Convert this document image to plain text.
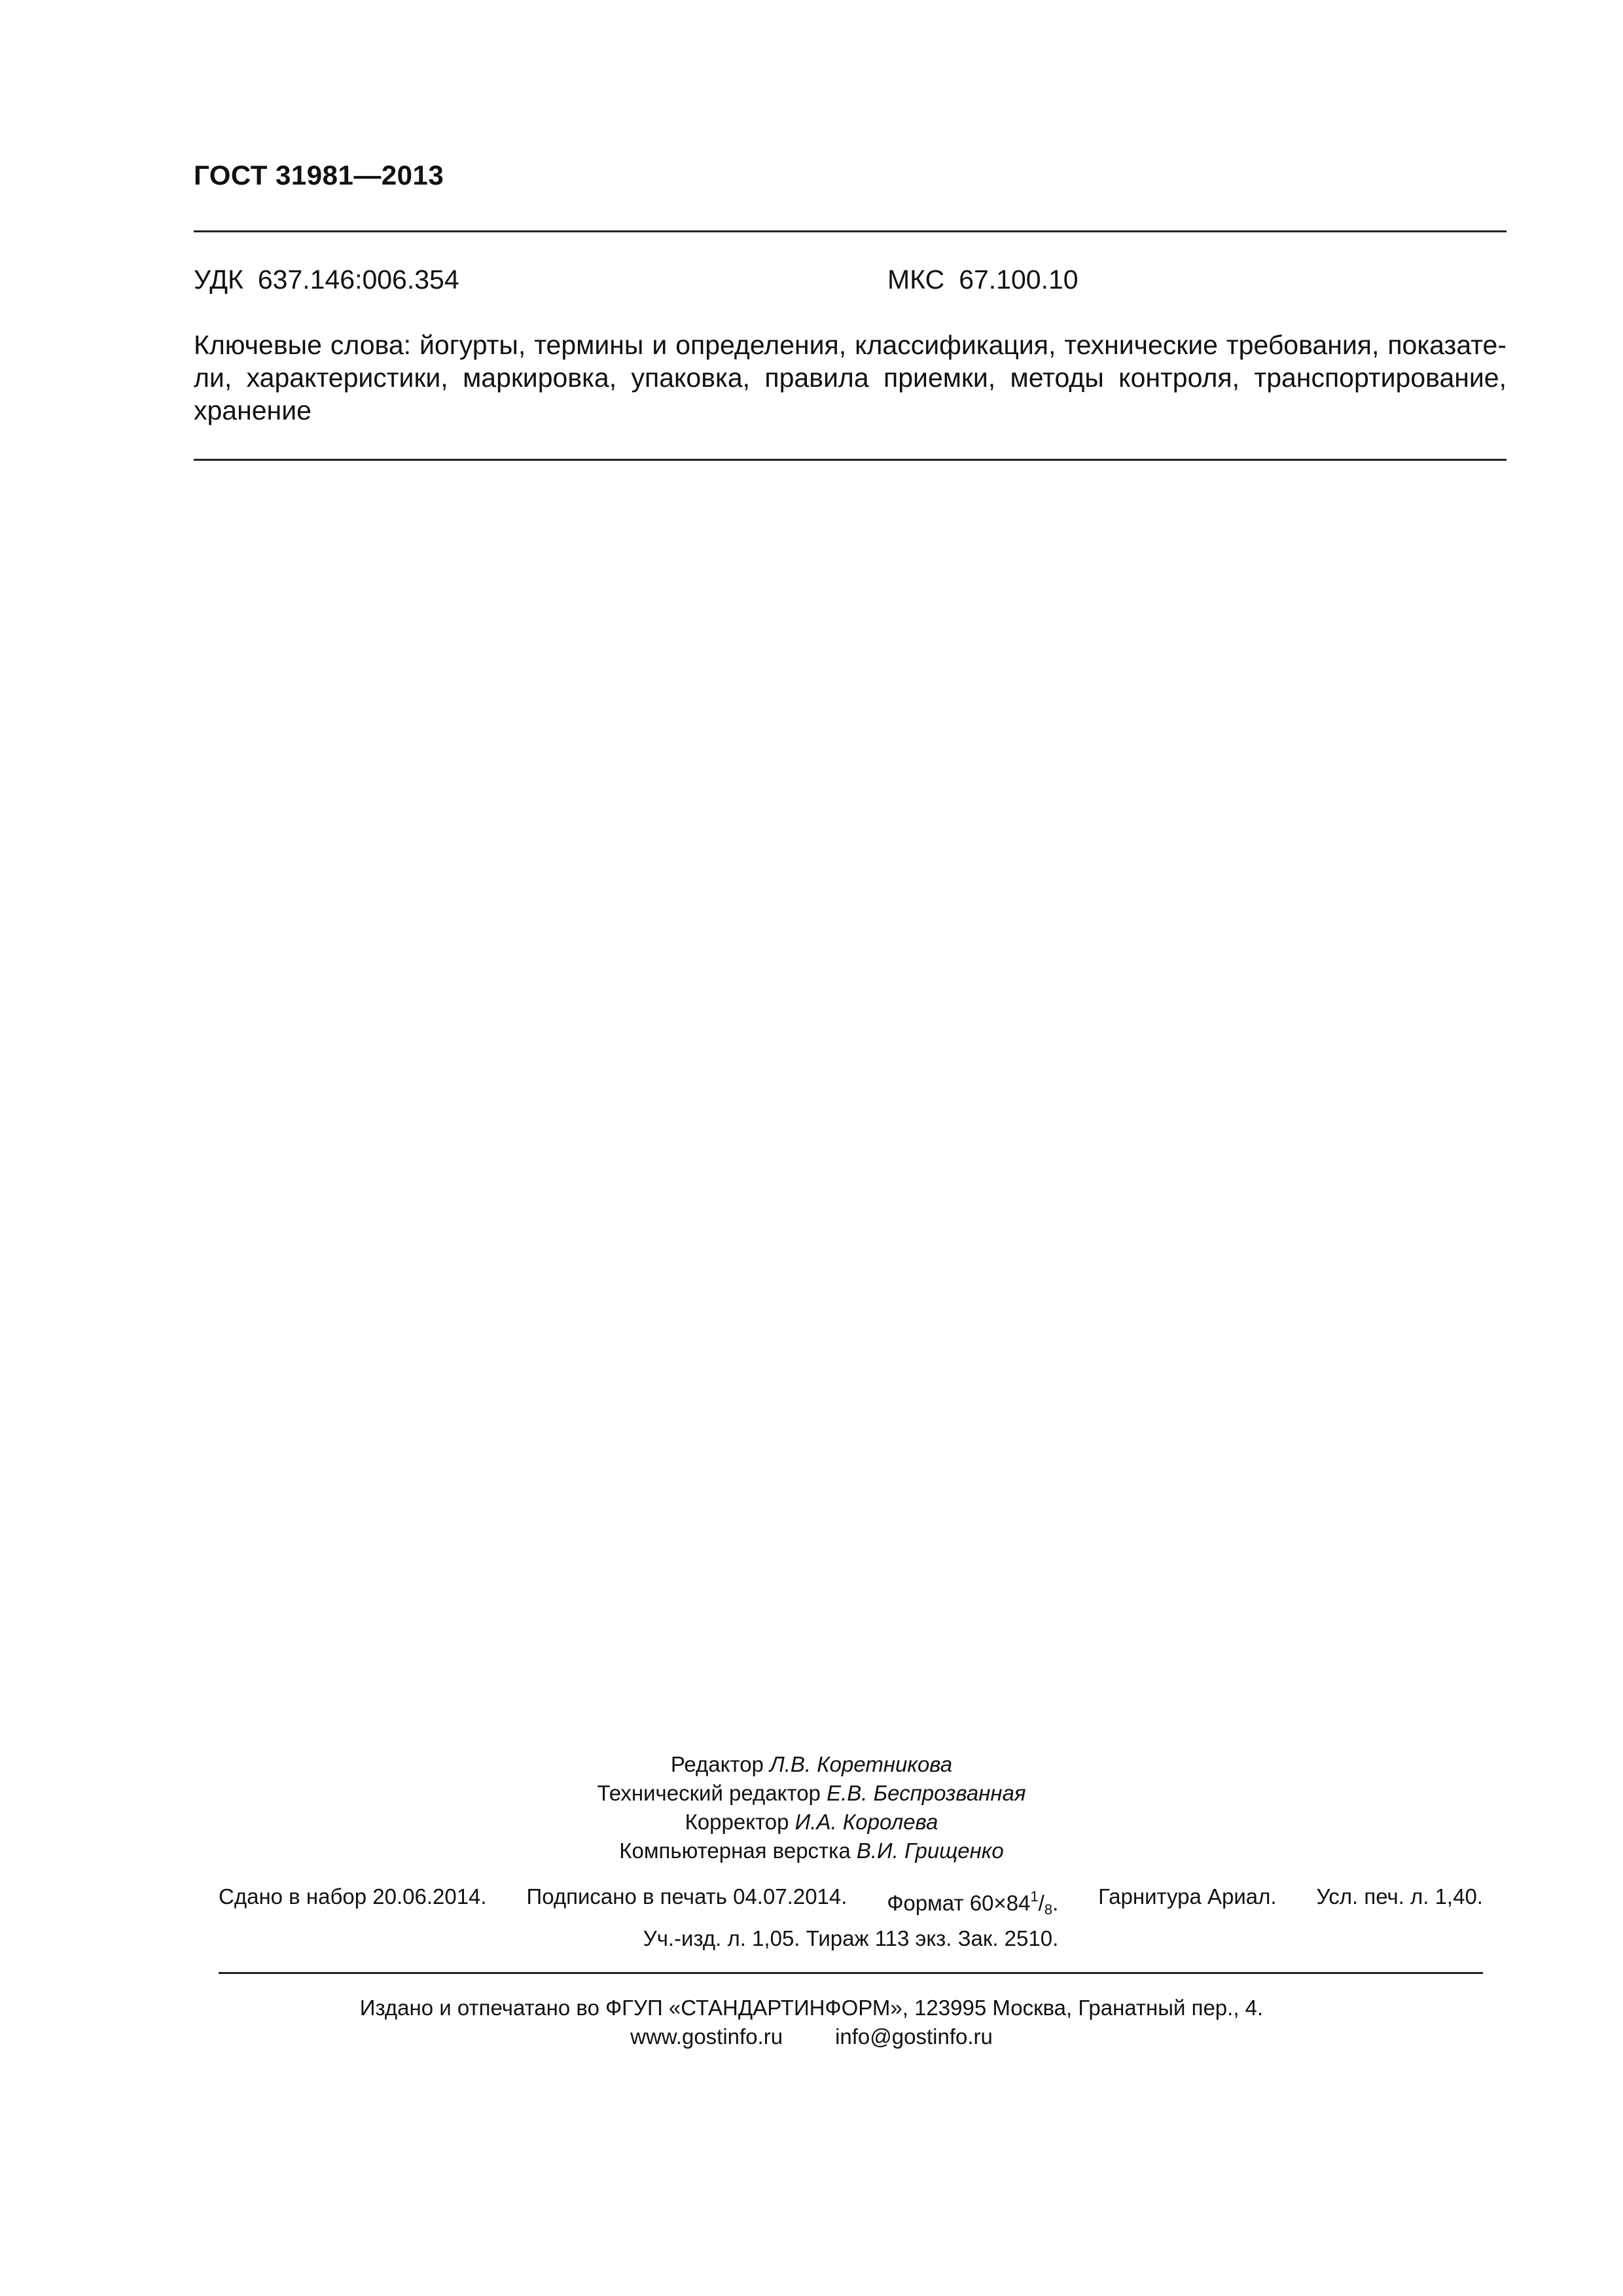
ГОСТ 31981—2013
УДК 637.146:006.354	МКС 67.100.10
Ключевые слова: йогурты, термины и определения, классификация, технические требования, показате-
ли, характеристики, маркировка, упаковка, правила приемки, методы контроля, транспортирование,
хранение
Редактор Л.В. Коретникова
Технический редактор Е.В. Беспрозванная
Корректор И.А. Королева
Компьютерная верстка В.И. Грищенко
Сдано в набор 20.06.2014. Подписано в печать 04.07.2014. Формат $60\times 84^1/_8$. Гарнитура Ариал. Усл. печ. л. 1,40.
Уч.-изд. л. 1,05. Тираж 113 экз. Зак. 2510.
Издано и отпечатано во ФГУП «СТАНДАРТИНФОРМ», 123995 Москва, Гранатный пер., 4.
www.gostinfo.ru info@gostinfo.ru
